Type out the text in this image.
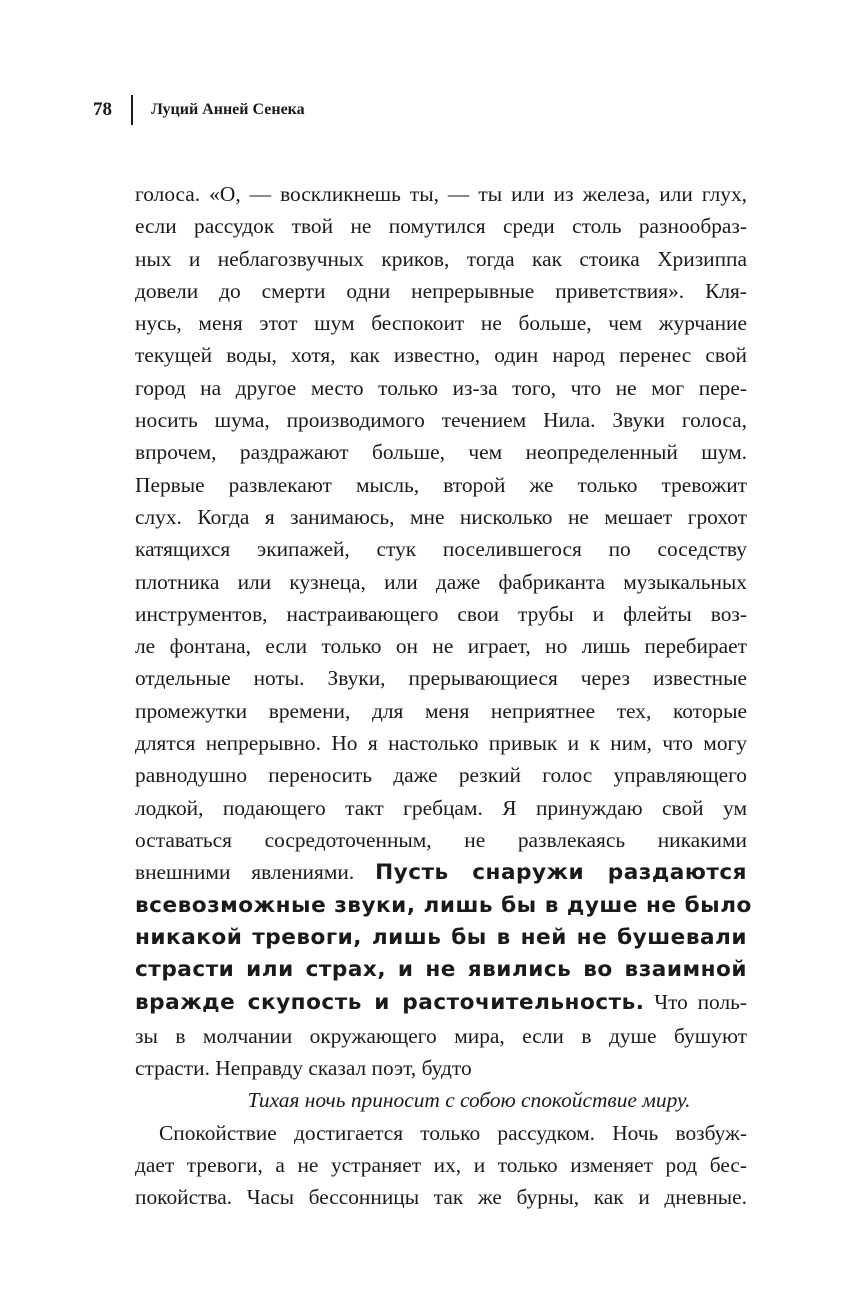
78	Луций Анней Сенека
голоса. «О, — воскликнешь ты, — ты или из железа, или глух,
если рассудок твой не помутился среди столь разнообраз-
ных и неблагозвучных криков, тогда как стоика Хризиппа
довели до смерти одни непрерывные приветствия». Кля-
нусь, меня этот шум беспокоит не больше, чем журчание
текущей воды, хотя, как известно, один народ перенес свой
город на другое место только из-за того, что не мог пере-
носить шума, производимого течением Нила. Звуки голоса,
впрочем, раздражают больше, чем неопределенный шум.
Первые развлекают мысль, второй же только тревожит
слух. Когда я занимаюсь, мне нисколько не мешает грохот
катящихся экипажей, стук поселившегося по соседству
плотника или кузнеца, или даже фабриканта музыкальных
инструментов, настраивающего свои трубы и флейты воз-
ле фонтана, если только он не играет, но лишь перебирает
отдельные ноты. Звуки, прерывающиеся через известные
промежутки времени, для меня неприятнее тех, которые
длятся непрерывно. Но я настолько привык и к ним, что могу
равнодушно переносить даже резкий голос управляющего
лодкой, подающего такт гребцам. Я принуждаю свой ум
оставаться сосредоточенным, не развлекаясь никакими
внешними явлениями. Пусть снаружи раздаются
всевозможные звуки, лишь бы в душе не было
никакой тревоги, лишь бы в ней не бушевали
страсти или страх, и не явились во взаимной
вражде скупость и расточительность. Что поль-
зы в молчании окружающего мира, если в душе бушуют
страсти. Неправду сказал поэт, будто
Тихая ночь приносит с собою спокойствие миру.
Спокойствие достигается только рассудком. Ночь возбуж-
дает тревоги, а не устраняет их, и только изменяет род бес-
покойства. Часы бессонницы так же бурны, как и дневные.
